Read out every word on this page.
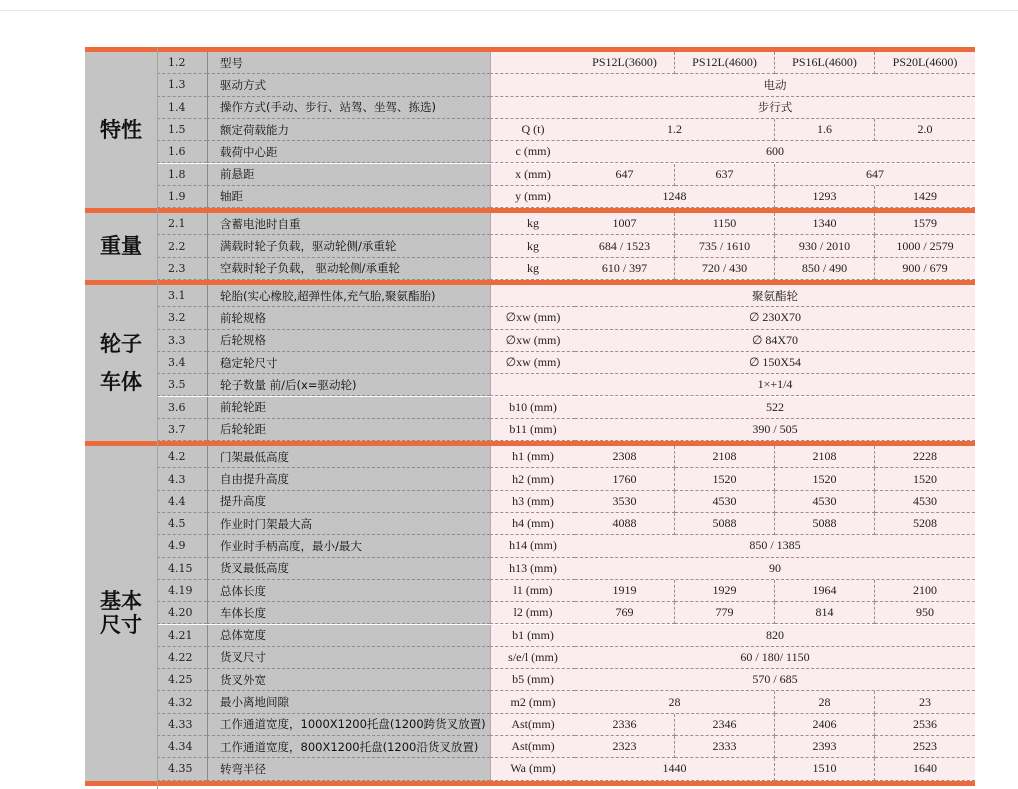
特性
1.2	型号	PS12L(3600)	PS12L(4600)	PS16L(4600)	PS20L(4600)
1.3	驱动方式	电动
1.4	操作方式(手动、步行、站驾、坐驾、拣选)	步行式
1.5	额定荷载能力	Q (t)	1.2	1.6	2.0
1.6	载荷中心距	c (mm)	600
1.8	前悬距	x (mm)	647	637	647
1.9	轴距	y (mm)	1248	1293	1429
重量
2.1	含蓄电池时自重	kg	1007	1150	1340	1579
2.2	满载时轮子负载，驱动轮侧/承重轮	kg	684 / 1523	735 / 1610	930 / 2010	1000 / 2579
2.3	空载时轮子负载， 驱动轮侧/承重轮	kg	610 / 397	720 / 430	850 / 490	900 / 679
轮子
车体
3.1	轮胎(实心橡胶,超弹性体,充气胎,聚氨酯胎)	聚氨酯轮
3.2	前轮规格	∅xw (mm)	∅ 230X70
3.3	后轮规格	∅xw (mm)	∅ 84X70
3.4	稳定轮尺寸	∅xw (mm)	∅ 150X54
3.5	轮子数量 前/后(x=驱动轮)	1×+1/4
3.6	前轮轮距	b10 (mm)	522
3.7	后轮轮距	b11 (mm)	390 / 505
基本
尺寸
4.2	门架最低高度	h1 (mm)	2308	2108	2108	2228
4.3	自由提升高度	h2 (mm)	1760	1520	1520	1520
4.4	提升高度	h3 (mm)	3530	4530	4530	4530
4.5	作业时门架最大高	h4 (mm)	4088	5088	5088	5208
4.9	作业时手柄高度，最小/最大	h14 (mm)	850 / 1385
4.15	货叉最低高度	h13 (mm)	90
4.19	总体长度	l1 (mm)	1919	1929	1964	2100
4.20	车体长度	l2 (mm)	769	779	814	950
4.21	总体宽度	b1 (mm)	820
4.22	货叉尺寸	s/e/l (mm)	60 / 180/ 1150
4.25	货叉外宽	b5 (mm)	570 / 685
4.32	最小离地间隙	m2 (mm)	28	28	23
4.33	工作通道宽度，1000X1200托盘(1200跨货叉放置)	Ast(mm)	2336	2346	2406	2536
4.34	工作通道宽度，800X1200托盘(1200沿货叉放置)	Ast(mm)	2323	2333	2393	2523
4.35	转弯半径	Wa (mm)	1440	1510	1640
